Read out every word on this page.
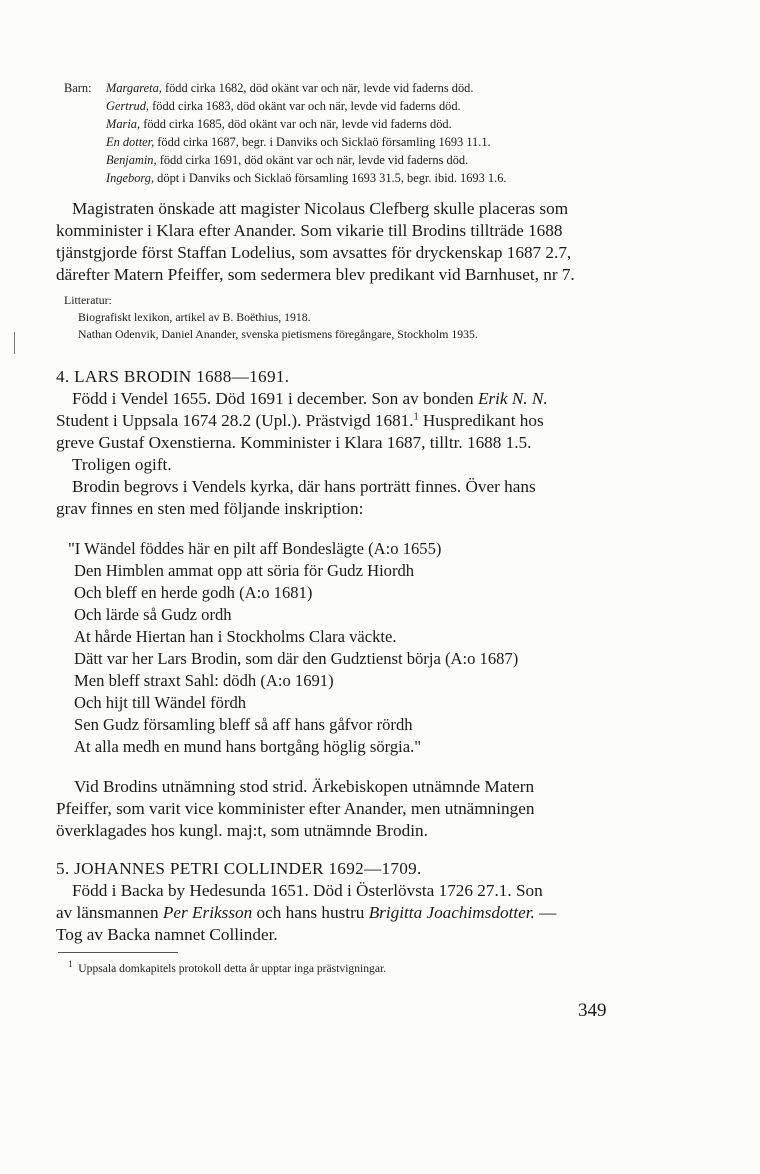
Barn: Margareta, född cirka 1682, död okänt var och när, levde vid faderns död.
Gertrud, född cirka 1683, död okänt var och när, levde vid faderns död.
Maria, född cirka 1685, död okänt var och när, levde vid faderns död.
En dotter, född cirka 1687, begr. i Danviks och Sicklaö församling 1693 11.1.
Benjamin, född cirka 1691, död okänt var och när, levde vid faderns död.
Ingeborg, döpt i Danviks och Sicklaö församling 1693 31.5, begr. ibid. 1693 1.6.
Magistraten önskade att magister Nicolaus Clefberg skulle placeras som
komminister i Klara efter Anander. Som vikarie till Brodins tillträde 1688
tjänstgjorde först Staffan Lodelius, som avsattes för dryckenskap 1687 2.7,
därefter Matern Pfeiffer, som sedermera blev predikant vid Barnhuset, nr 7.
Litteratur:
Biografiskt lexikon, artikel av B. Boëthius, 1918.
Nathan Odenvik, Daniel Anander, svenska pietismens föregångare, Stockholm 1935.
4. LARS BRODIN 1688—1691.
Född i Vendel 1655. Död 1691 i december. Son av bonden Erik N. N.
Student i Uppsala 1674 28.2 (Upl.). Prästvigd 1681.$^1$ Huspredikant hos
greve Gustaf Oxenstierna. Komminister i Klara 1687, tilltr. 1688 1.5.
Troligen ogift.
Brodin begrovs i Vendels kyrka, där hans porträtt finnes. Över hans
grav finnes en sten med följande inskription:
"I Wändel föddes här en pilt aff Bondeslägte (A:o 1655)
Den Himblen ammat opp att söria för Gudz Hiordh
Och bleff en herde godh (A:o 1681)
Och lärde så Gudz ordh
At hårde Hiertan han i Stockholms Clara väckte.
Dätt var her Lars Brodin, som där den Gudztienst börja (A:o 1687)
Men bleff straxt Sahl: dödh (A:o 1691)
Och hijt till Wändel fördh
Sen Gudz församling bleff så aff hans gåfvor rördh
At alla medh en mund hans bortgång höglig sörgia."
Vid Brodins utnämning stod strid. Ärkebiskopen utnämnde Matern
Pfeiffer, som varit vice komminister efter Anander, men utnämningen
överklagades hos kungl. maj:t, som utnämnde Brodin.
5. JOHANNES PETRI COLLINDER 1692—1709.
Född i Backa by Hedesunda 1651. Död i Österlövsta 1726 27.1. Son
av länsmannen Per Eriksson och hans hustru Brigitta Joachimsdotter. —
Tog av Backa namnet Collinder.
$^1$ Uppsala domkapitels protokoll detta år upptar inga prästvigningar.
349
